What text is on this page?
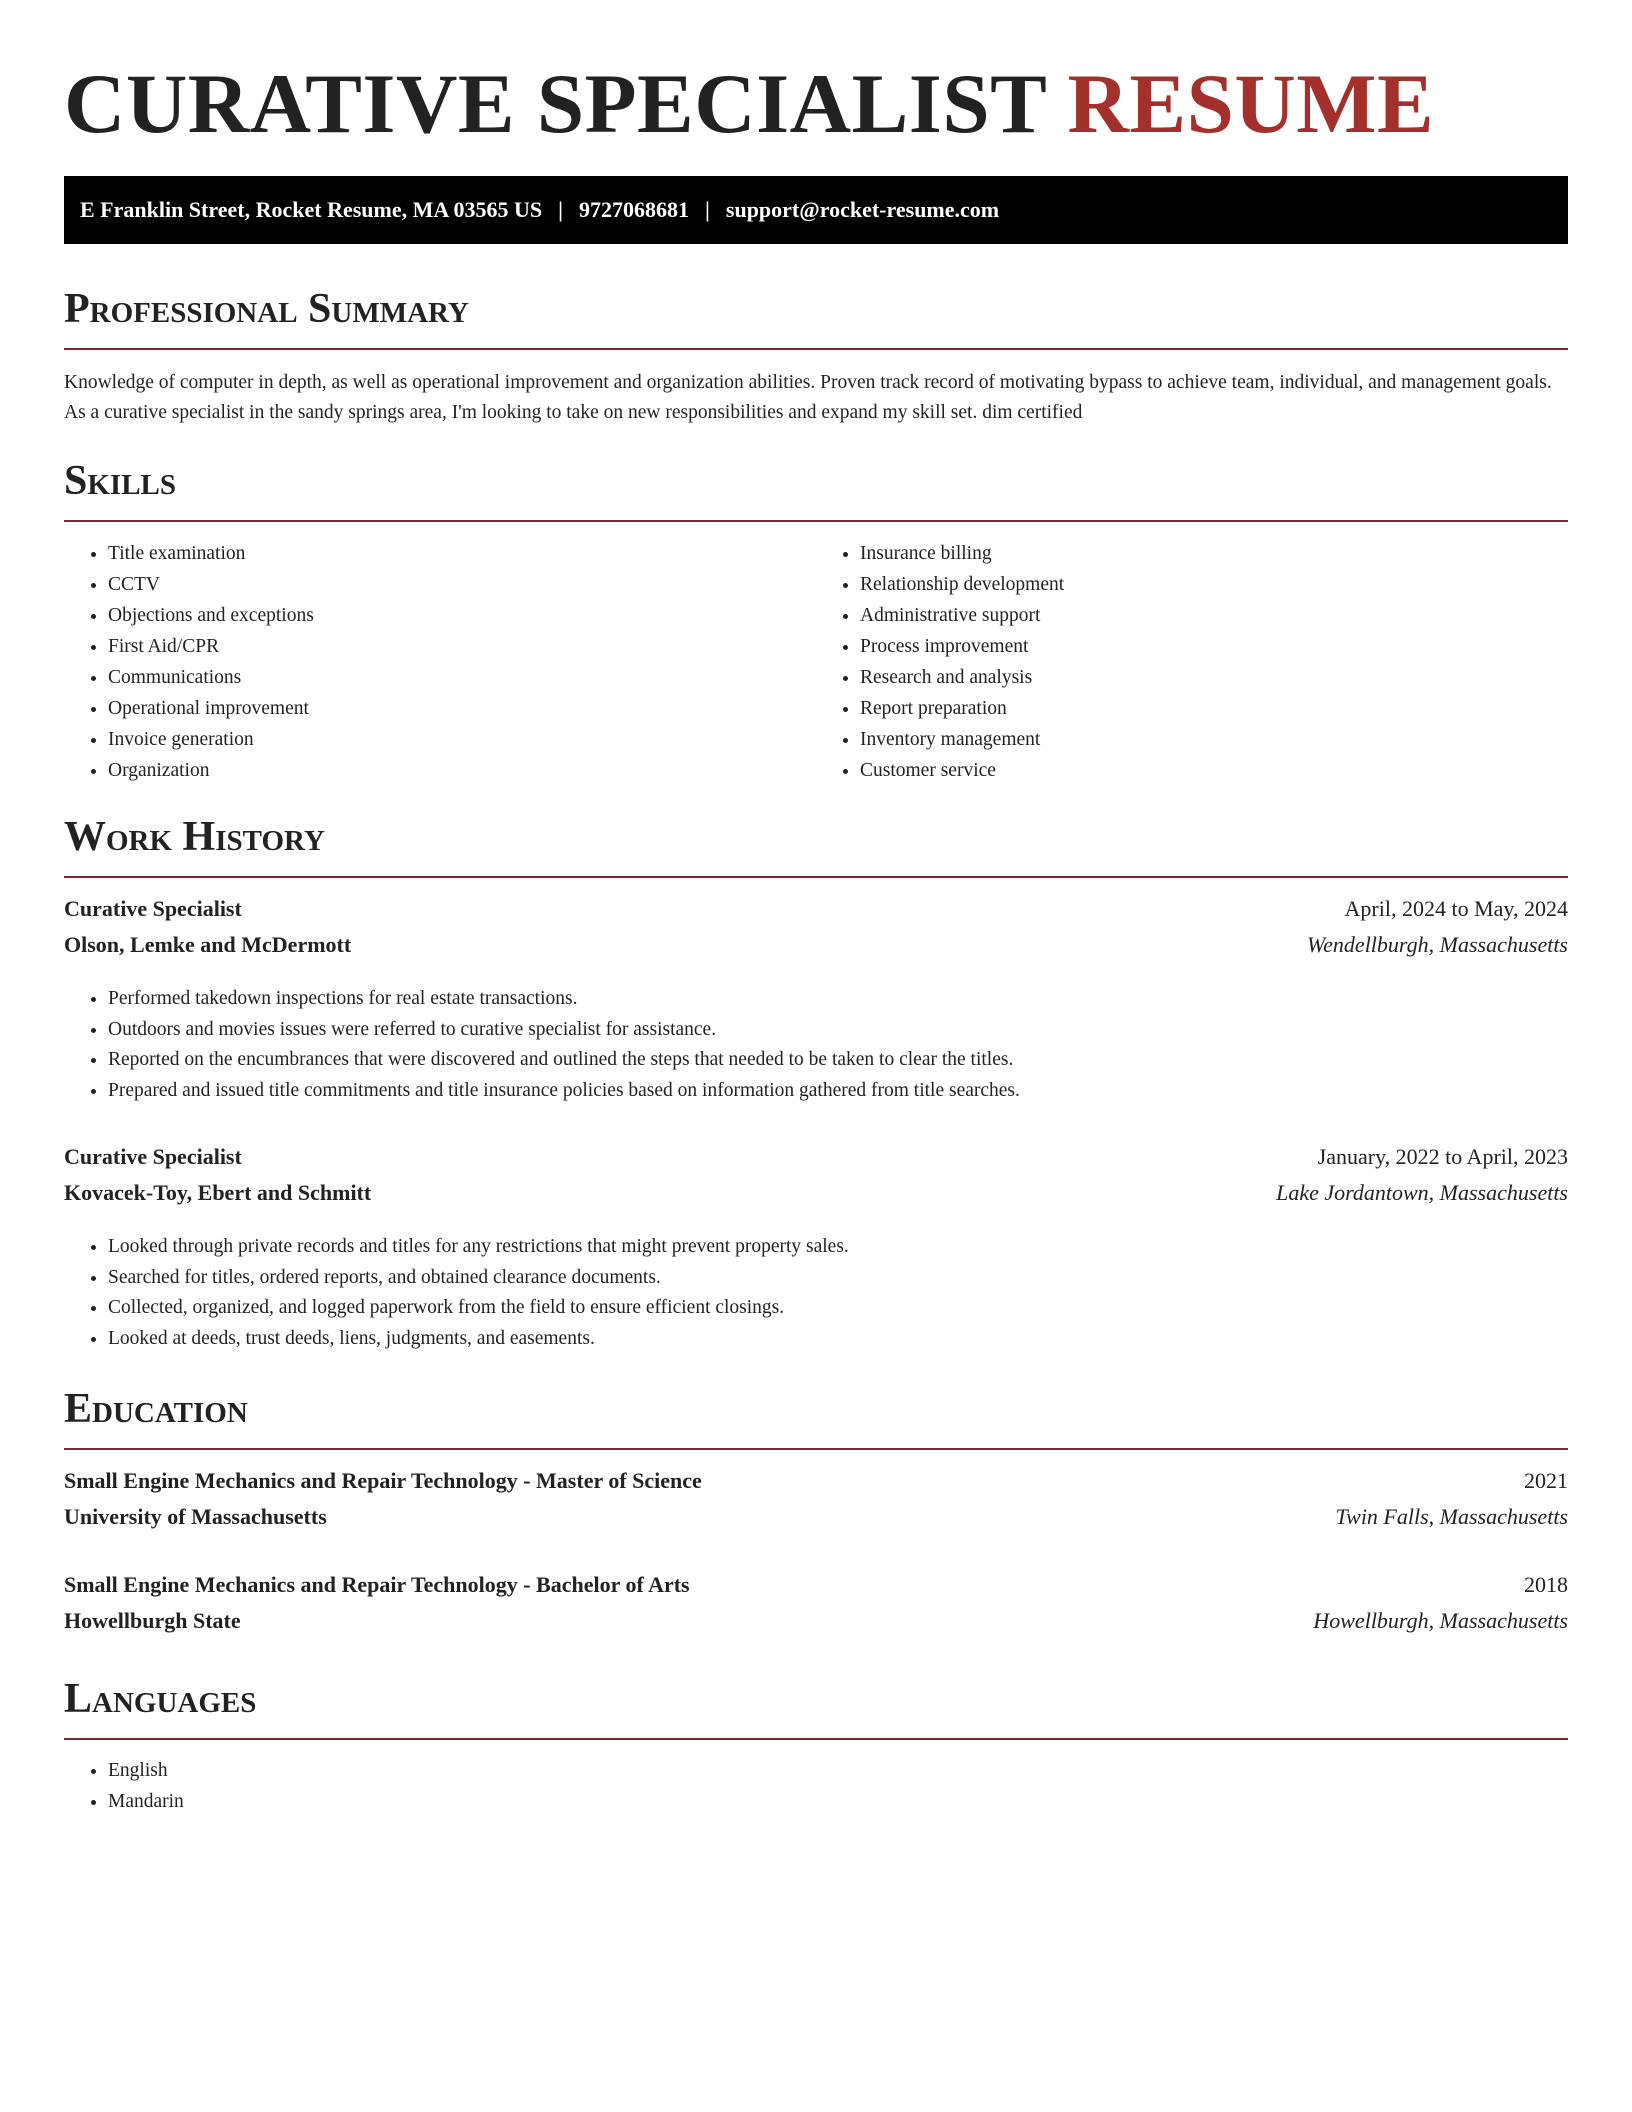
CURATIVE SPECIALIST RESUME
E Franklin Street, Rocket Resume, MA 03565 US | 9727068681 | support@rocket-resume.com
Professional Summary

Knowledge of computer in depth, as well as operational improvement and organization abilities. Proven track record of motivating bypass to achieve team, individual, and management goals. As a curative specialist in the sandy springs area, I'm looking to take on new responsibilities and expand my skill set. dim certified

Skills
• Title examination
• CCTV
• Objections and exceptions
• First Aid/CPR
• Communications
• Operational improvement
• Invoice generation
• Organization
• Insurance billing
• Relationship development
• Administrative support
• Process improvement
• Research and analysis
• Report preparation
• Inventory management
• Customer service
Work History
Curative Specialist	April, 2024 to May, 2024
Olson, Lemke and McDermott	Wendellburgh, Massachusetts
• Performed takedown inspections for real estate transactions.
• Outdoors and movies issues were referred to curative specialist for assistance.
• Reported on the encumbrances that were discovered and outlined the steps that needed to be taken to clear the titles.
• Prepared and issued title commitments and title insurance policies based on information gathered from title searches.
Curative Specialist	January, 2022 to April, 2023
Kovacek-Toy, Ebert and Schmitt	Lake Jordantown, Massachusetts
• Looked through private records and titles for any restrictions that might prevent property sales.
• Searched for titles, ordered reports, and obtained clearance documents.
• Collected, organized, and logged paperwork from the field to ensure efficient closings.
• Looked at deeds, trust deeds, liens, judgments, and easements.
Education
Small Engine Mechanics and Repair Technology - Master of Science	2021
University of Massachusetts	Twin Falls, Massachusetts
Small Engine Mechanics and Repair Technology - Bachelor of Arts	2018
Howellburgh State	Howellburgh, Massachusetts
Languages
• English
• Mandarin
